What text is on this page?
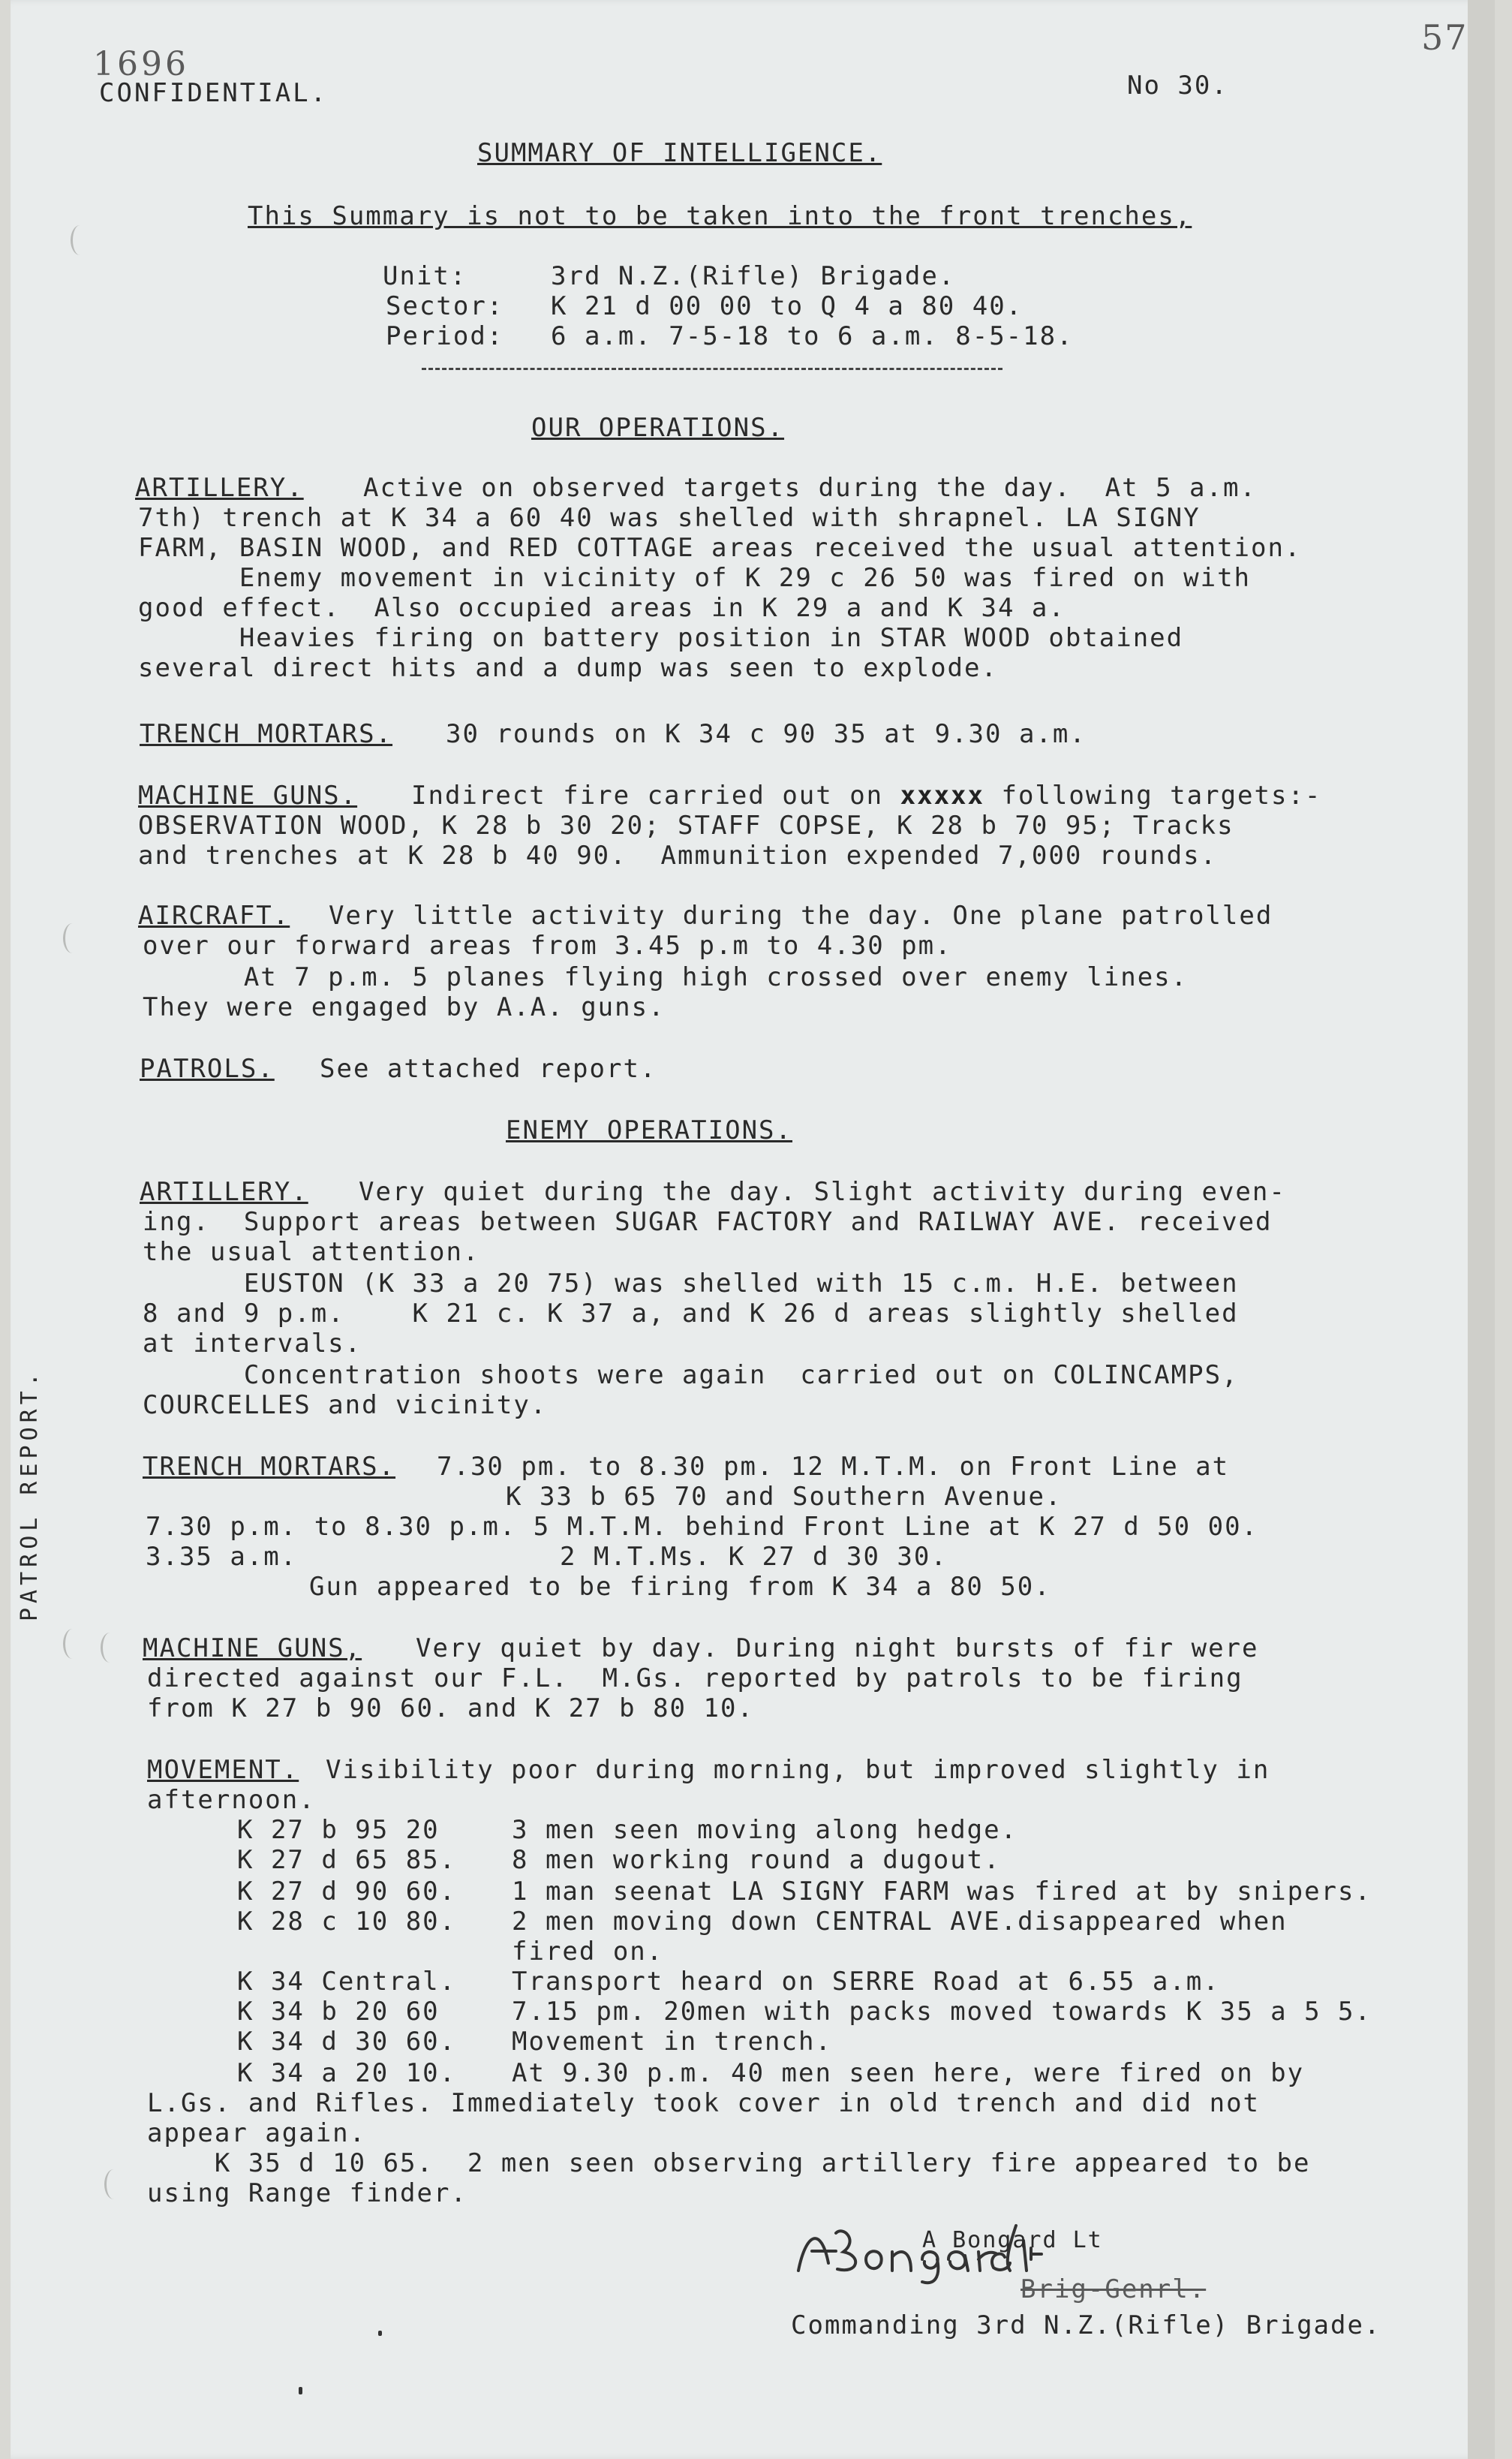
1696
CONFIDENTIAL.	No 30.
57
SUMMARY OF INTELLIGENCE.
This Summary is not to be taken into the front trenches,
Unit:	3rd N.Z.(Rifle) Brigade.
Sector: K 21 d 00 00 to Q 4 a 80 40.
Period: 6 a.m. 7-5-18 to 6 a.m. 8-5-18.
OUR OPERATIONS.
ARTILLERY. Active on observed targets during the day.  At 5 a.m.
7th) trench at K 34 a 60 40 was shelled with shrapnel. LA SIGNY
FARM, BASIN WOOD, and RED COTTAGE areas received the usual attention.
Enemy movement in vicinity of K 29 c 26 50 was fired on with
good effect.  Also occupied areas in K 29 a and K 34 a.
Heavies firing on battery position in STAR WOOD obtained
several direct hits and a dump was seen to explode.
TRENCH MORTARS. 30 rounds on K 34 c 90 35 at 9.30 a.m.
MACHINE GUNS. Indirect fire carried out on xxxxx following targets:-
OBSERVATION WOOD, K 28 b 30 20; STAFF COPSE, K 28 b 70 95; Tracks
and trenches at K 28 b 40 90.  Ammunition expended 7,000 rounds.
AIRCRAFT. Very little activity during the day. One plane patrolled
over our forward areas from 3.45 p.m to 4.30 pm.
At 7 p.m. 5 planes flying high crossed over enemy lines.
They were engaged by A.A. guns.
PATROLS. See attached report.
ENEMY OPERATIONS.
ARTILLERY. Very quiet during the day. Slight activity during even-
ing.  Support areas between SUGAR FACTORY and RAILWAY AVE. received
the usual attention.
EUSTON (K 33 a 20 75) was shelled with 15 c.m. H.E. between
8 and 9 p.m.    K 21 c. K 37 a, and K 26 d areas slightly shelled
at intervals.
Concentration shoots were again  carried out on COLINCAMPS,
COURCELLES and vicinity.
TRENCH MORTARS. 7.30 pm. to 8.30 pm. 12 M.T.M. on Front Line at
K 33 b 65 70 and Southern Avenue.
7.30 p.m. to 8.30 p.m. 5 M.T.M. behind Front Line at K 27 d 50 00.
3.35 a.m.	2 M.T.Ms. K 27 d 30 30.
Gun appeared to be firing from K 34 a 80 50.
MACHINE GUNS, Very quiet by day. During night bursts of fir were
directed against our F.L.  M.Gs. reported by patrols to be firing
from K 27 b 90 60. and K 27 b 80 10.
MOVEMENT. Visibility poor during morning, but improved slightly in
afternoon.
K 27 b 95 20	3 men seen moving along hedge.
K 27 d 65 85. 8 men working round a dugout.
K 27 d 90 60. 1 man seenat LA SIGNY FARM was fired at by snipers.
K 28 c 10 80. 2 men moving down CENTRAL AVE.disappeared when
fired on.
K 34 Central. Transport heard on SERRE Road at 6.55 a.m.
K 34 b 20 60	7.15 pm. 20men with packs moved towards K 35 a 5 5.
K 34 d 30 60. Movement in trench.
K 34 a 20 10. At 9.30 p.m. 40 men seen here, were fired on by
L.Gs. and Rifles. Immediately took cover in old trench and did not
appear again.
K 35 d 10 65.  2 men seen observing artillery fire appeared to be
using Range finder.
A Bongard Lt
Brig-Genrl.
Commanding 3rd N.Z.(Rifle) Brigade.
PATROL REPORT.
